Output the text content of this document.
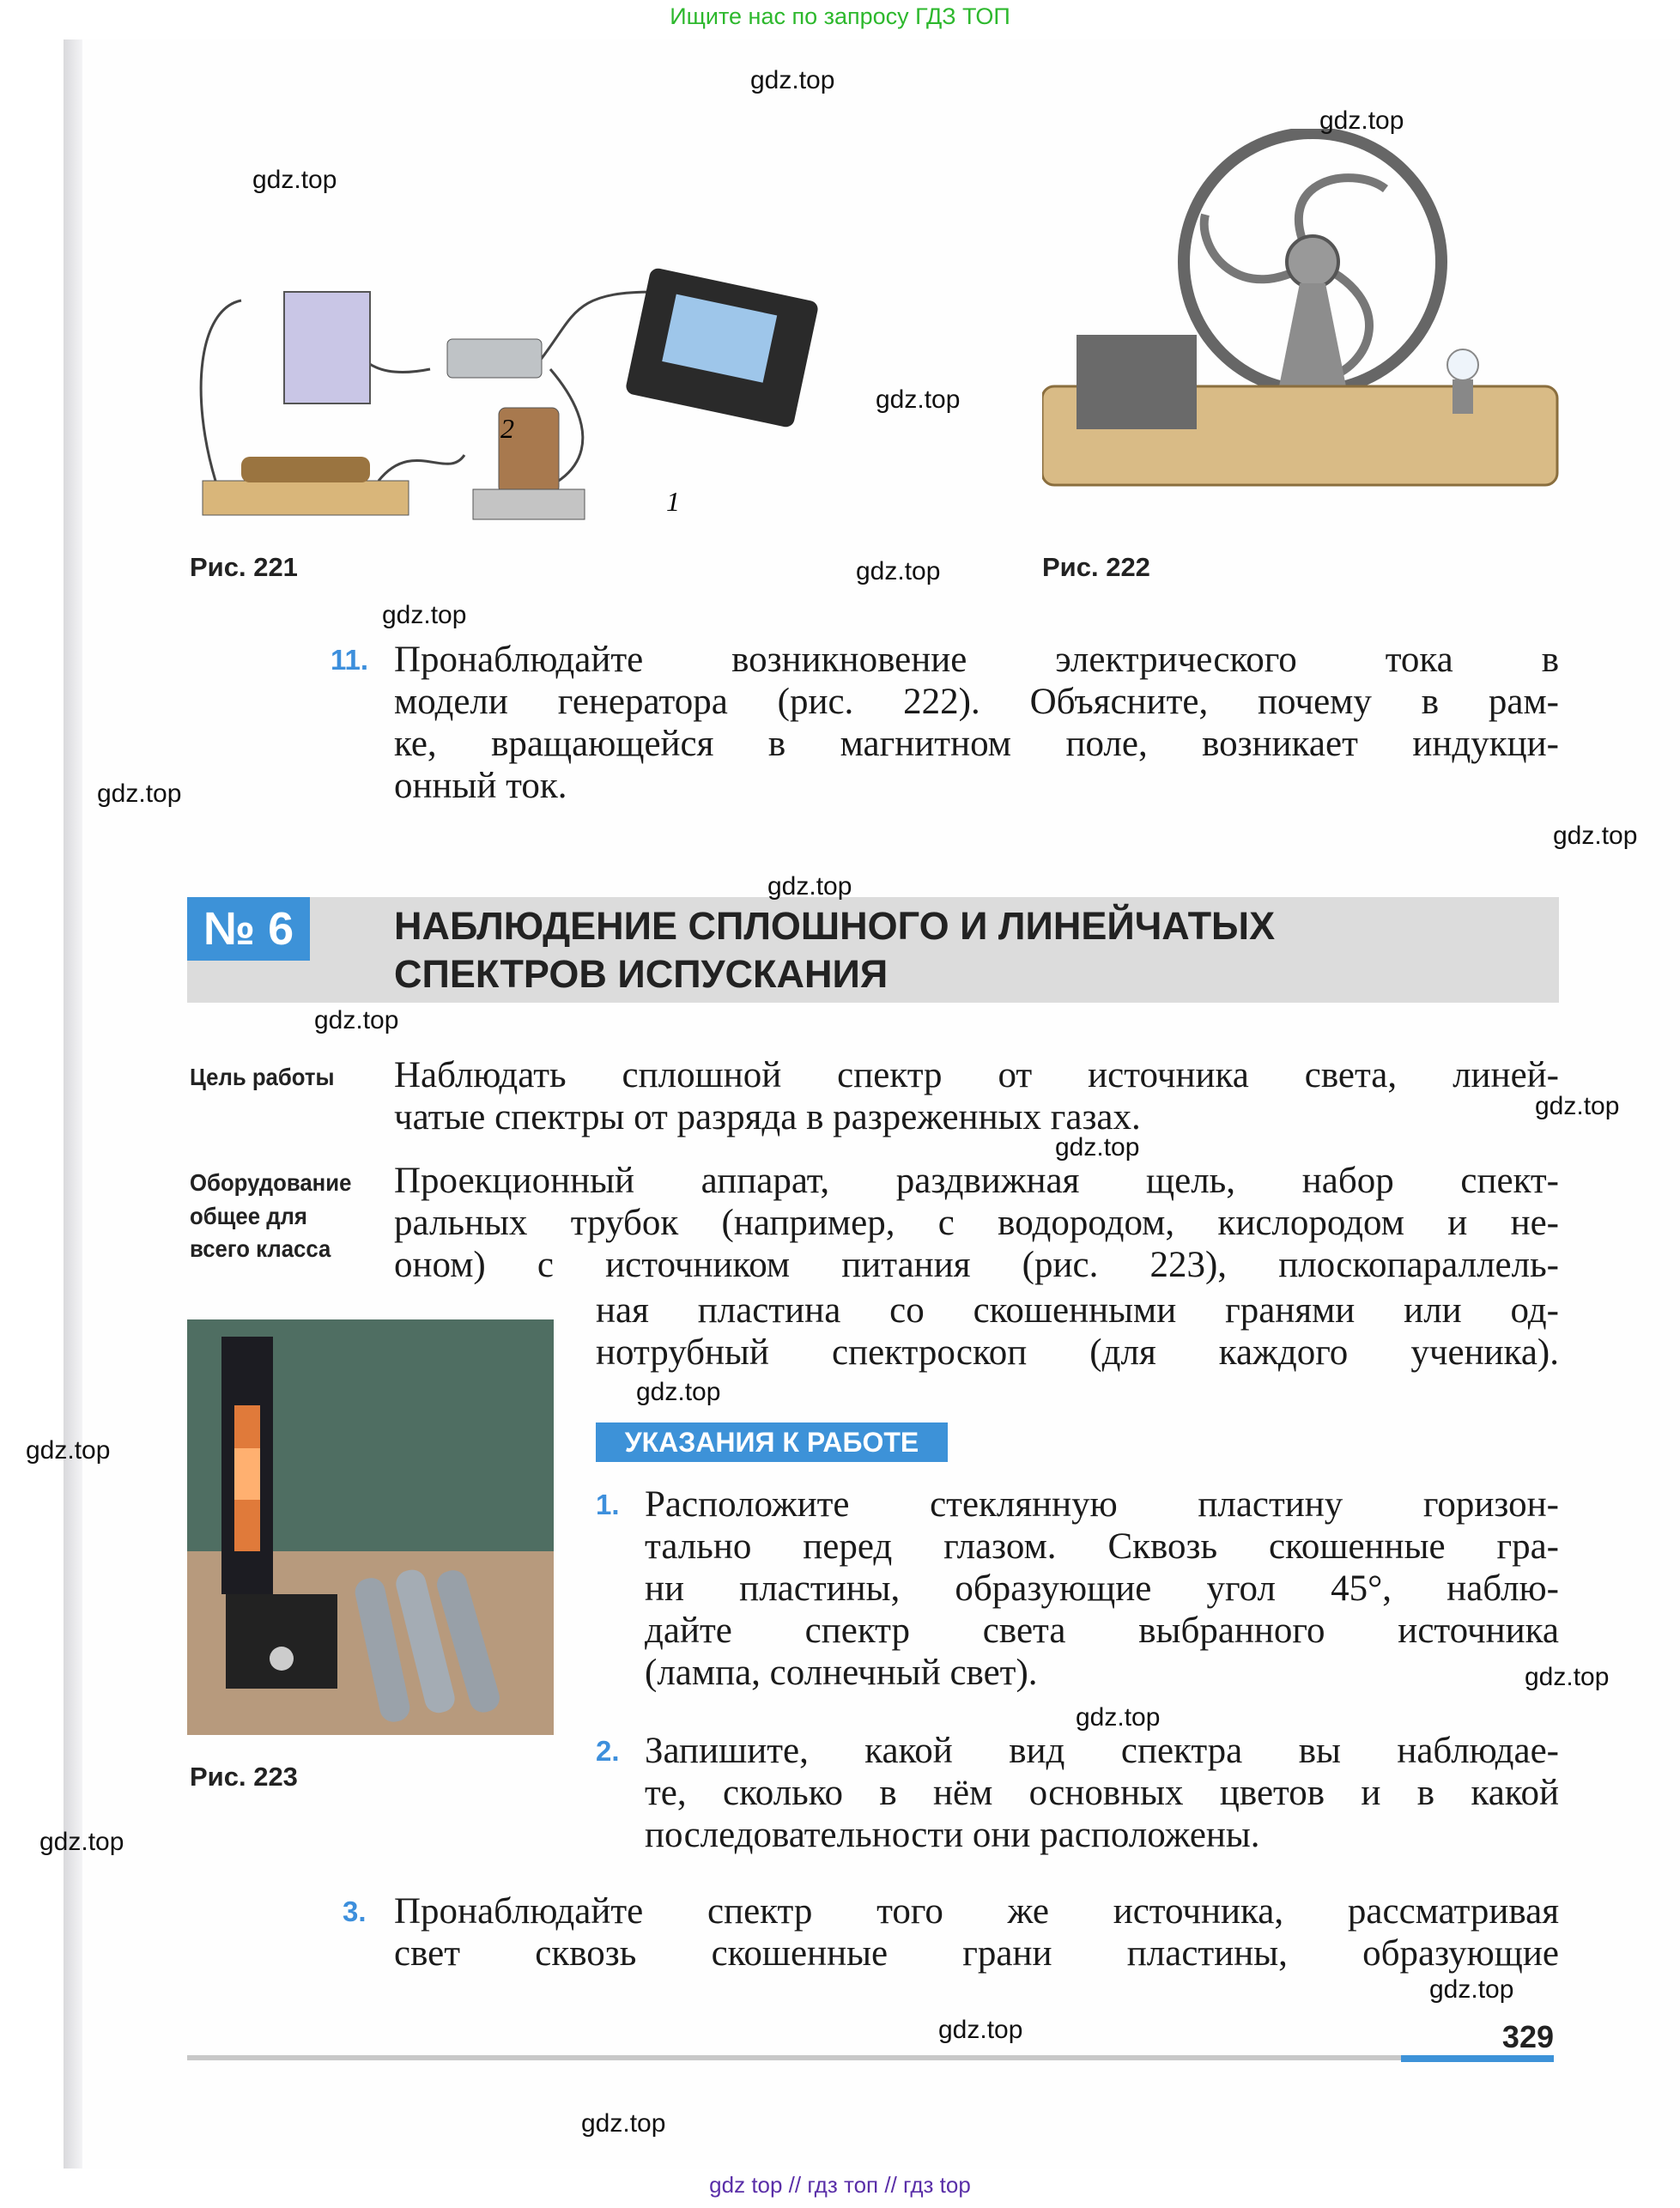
Ищите нас по запросу ГДЗ ТОП
2
1
Рис. 221	Рис. 222
11. Пронаблюдайте возникновение электрического тока в
модели генератора (рис. 222). Объясните, почему в рам-
ке, вращающейся в магнитном поле, возникает индукци-
онный ток.
№ 6	НАБЛЮДЕНИЕ СПЛОШНОГО И ЛИНЕЙЧАТЫХ
СПЕКТРОВ ИСПУСКАНИЯ
Цель работы Наблюдать сплошной спектр от источника света, линей-
чатые спектры от разряда в разреженных газах.
Оборудование
общее для
всего класса
Проекционный аппарат, раздвижная щель, набор спект-
ральных трубок (например, с водородом, кислородом и не-
оном) с источником питания (рис. 223), плоскопараллель-
ная пластина со скошенными гранями или од-
нотрубный спектроскоп (для каждого ученика).
Рис. 223
УКАЗАНИЯ К РАБОТЕ
1. Расположите стеклянную пластину горизон-
тально перед глазом. Сквозь скошенные гра-
ни пластины, образующие угол 45°, наблю-
дайте спектр света выбранного источника
(лампа, солнечный свет).
2. Запишите, какой вид спектра вы наблюдае-
те, сколько в нём основных цветов и в какой
последовательности они расположены.
3. Пронаблюдайте спектр того же источника, рассматривая
свет сквозь скошенные грани пластины, образующие
329
gdz top // гдз топ // гдз top
gdz.top
gdz.top
gdz.top
gdz.top
gdz.top
gdz.top
gdz.top
gdz.top
gdz.top
gdz.top
gdz.top
gdz.top
gdz.top
gdz.top
gdz.top
gdz.top
gdz.top
gdz.top
gdz.top
gdz.top
